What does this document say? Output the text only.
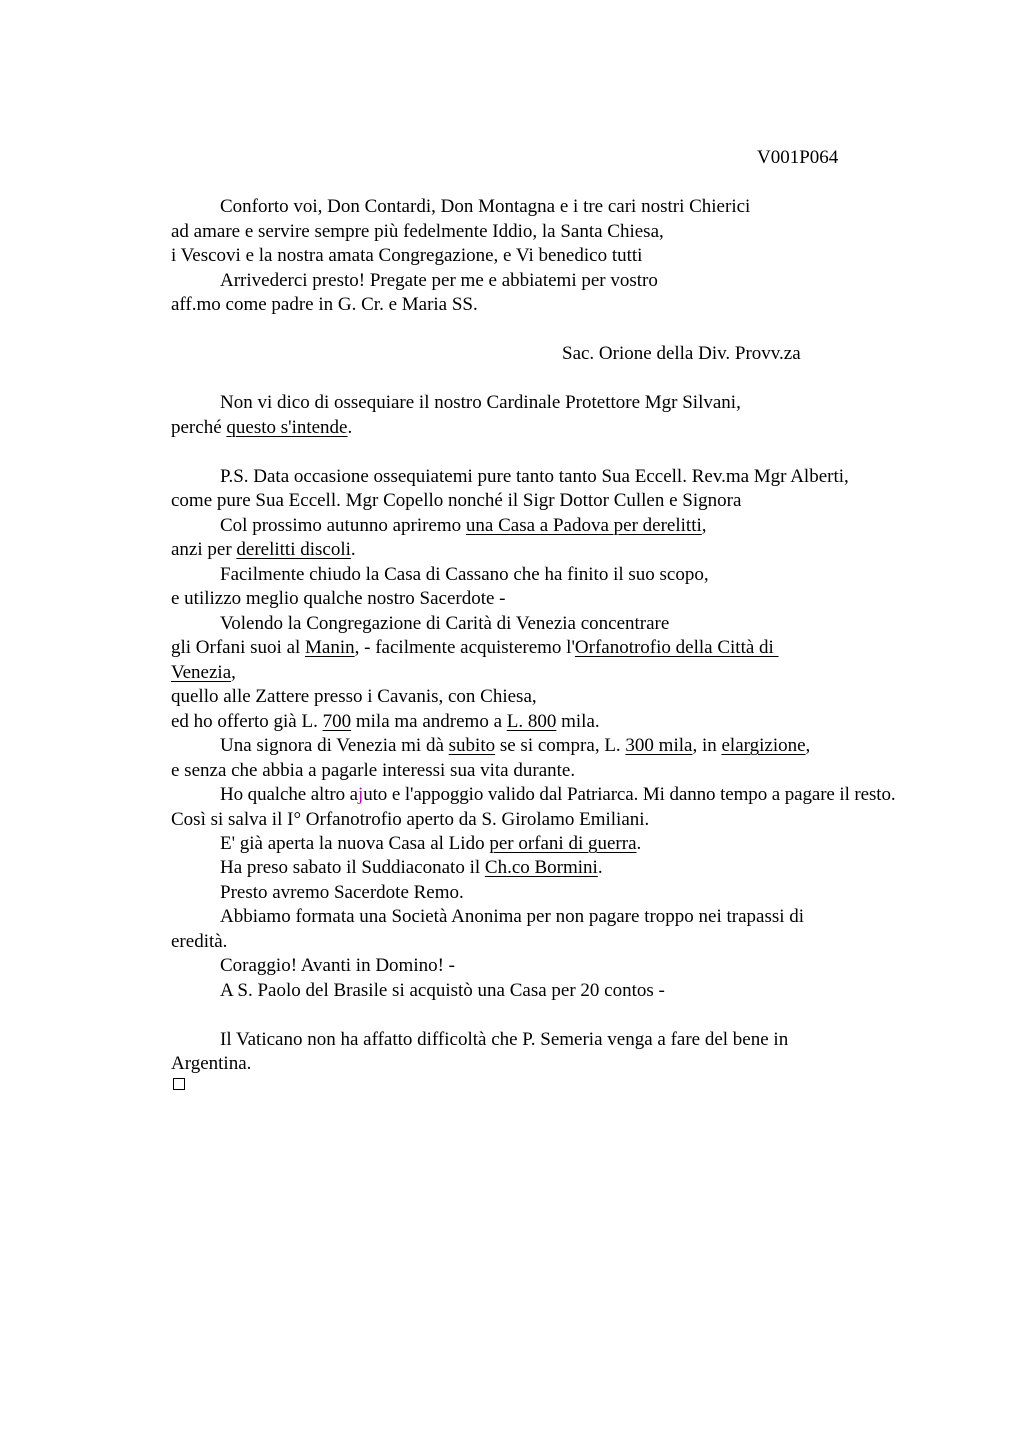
V001P064
Conforto voi, Don Contardi, Don Montagna e i tre cari nostri Chierici
ad amare e servire sempre più fedelmente Iddio, la Santa Chiesa,
i Vescovi e la nostra amata Congregazione, e Vi benedico tutti
Arrivederci presto! Pregate per me e abbiatemi per vostro
aff.mo come padre in G. Cr. e Maria SS.
Sac. Orione della Div. Provv.za
Non vi dico di ossequiare il nostro Cardinale Protettore Mgr Silvani,
perché questo s'intende.
P.S. Data occasione ossequiatemi pure tanto tanto Sua Eccell. Rev.ma Mgr Alberti,
come pure Sua Eccell. Mgr Copello nonché il Sigr Dottor Cullen e Signora
Col prossimo autunno apriremo una Casa a Padova per derelitti,
anzi per derelitti discoli.
Facilmente chiudo la Casa di Cassano che ha finito il suo scopo,
e utilizzo meglio qualche nostro Sacerdote -
Volendo la Congregazione di Carità di Venezia concentrare
gli Orfani suoi al Manin, - facilmente acquisteremo l'Orfanotrofio della Città di
Venezia,
quello alle Zattere presso i Cavanis, con Chiesa,
ed ho offerto già L. 700 mila ma andremo a L. 800 mila.
Una signora di Venezia mi dà subito se si compra, L. 300 mila, in elargizione,
e senza che abbia a pagarle interessi sua vita durante.
Ho qualche altro ajuto e l'appoggio valido dal Patriarca. Mi danno tempo a pagare il resto.
Così si salva il I° Orfanotrofio aperto da S. Girolamo Emiliani.
E' già aperta la nuova Casa al Lido per orfani di guerra.
Ha preso sabato il Suddiaconato il Ch.co Bormini.
Presto avremo Sacerdote Remo.
Abbiamo formata una Società Anonima per non pagare troppo nei trapassi di
eredità.
Coraggio! Avanti in Domino! -
A S. Paolo del Brasile si acquistò una Casa per 20 contos -
Il Vaticano non ha affatto difficoltà che P. Semeria venga a fare del bene in
Argentina.
